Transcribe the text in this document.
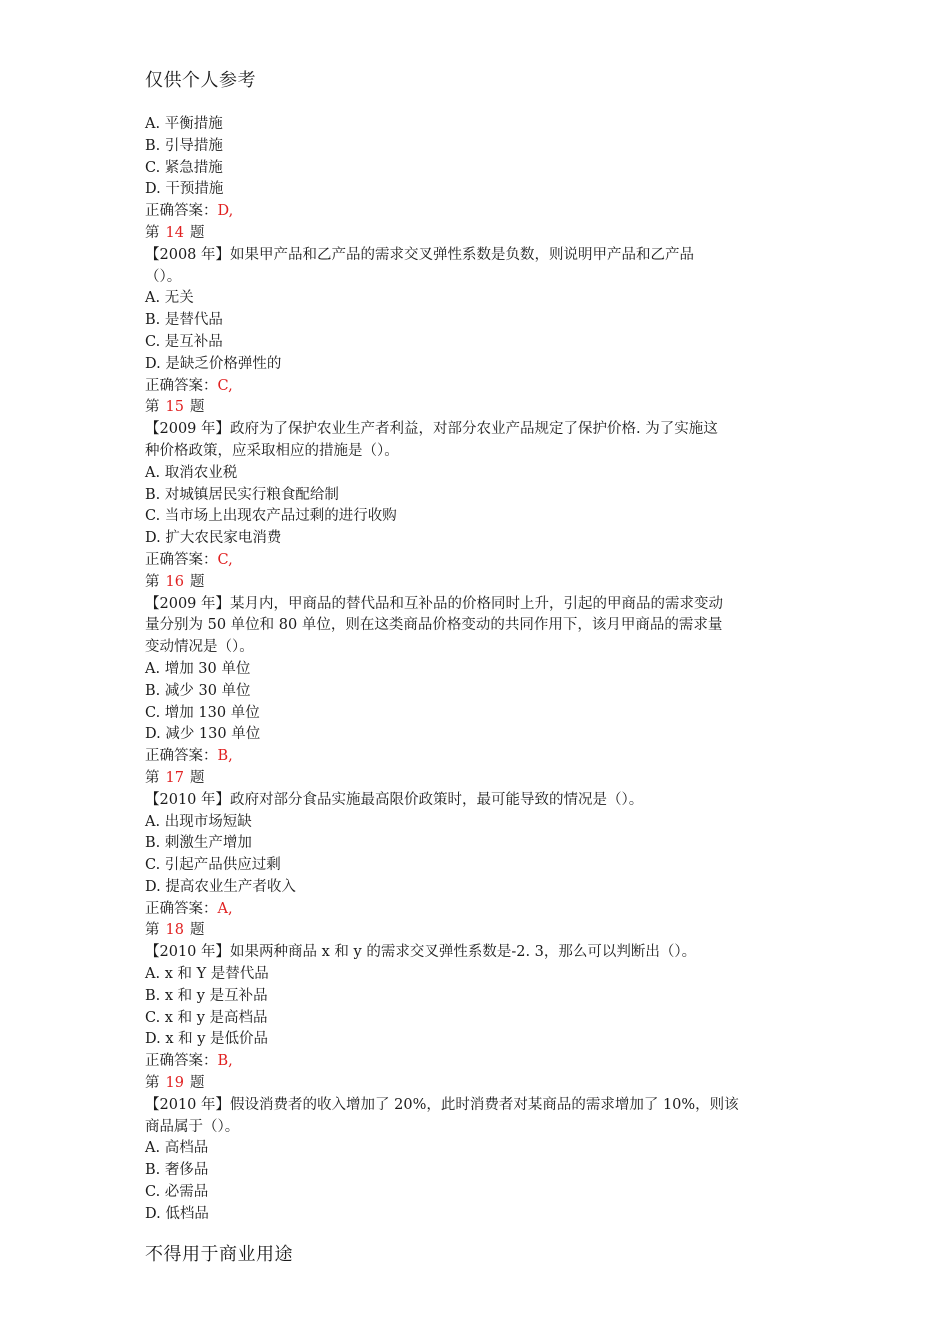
仅供个人参考
A. 平衡措施
B. 引导措施
C. 紧急措施
D. 干预措施
正确答案：D,
第 14 题
【2008 年】如果甲产品和乙产品的需求交叉弹性系数是负数，则说明甲产品和乙产品
（）。
A. 无关
B. 是替代品
C. 是互补品
D. 是缺乏价格弹性的
正确答案：C,
第 15 题
【2009 年】政府为了保护农业生产者利益，对部分农业产品规定了保护价格. 为了实施这
种价格政策，应采取相应的措施是（）。
A. 取消农业税
B. 对城镇居民实行粮食配给制
C. 当市场上出现农产品过剩的进行收购
D. 扩大农民家电消费
正确答案：C,
第 16 题
【2009 年】某月内，甲商品的替代品和互补品的价格同时上升，引起的甲商品的需求变动
量分别为 50 单位和 80 单位，则在这类商品价格变动的共同作用下，该月甲商品的需求量
变动情况是（）。
A. 增加 30 单位
B. 减少 30 单位
C. 增加 130 单位
D. 减少 130 单位
正确答案：B,
第 17 题
【2010 年】政府对部分食品实施最高限价政策时，最可能导致的情况是（）。
A. 出现市场短缺
B. 刺激生产增加
C. 引起产品供应过剩
D. 提高农业生产者收入
正确答案：A,
第 18 题
【2010 年】如果两种商品 x 和 y 的需求交叉弹性系数是-2. 3，那么可以判断出（）。
A. x 和 Y 是替代品
B. x 和 y 是互补品
C. x 和 y 是高档品
D. x 和 y 是低价品
正确答案：B,
第 19 题
【2010 年】假设消费者的收入增加了 20%，此时消费者对某商品的需求增加了 10%，则该
商品属于（）。
A. 高档品
B. 奢侈品
C. 必需品
D. 低档品
不得用于商业用途
